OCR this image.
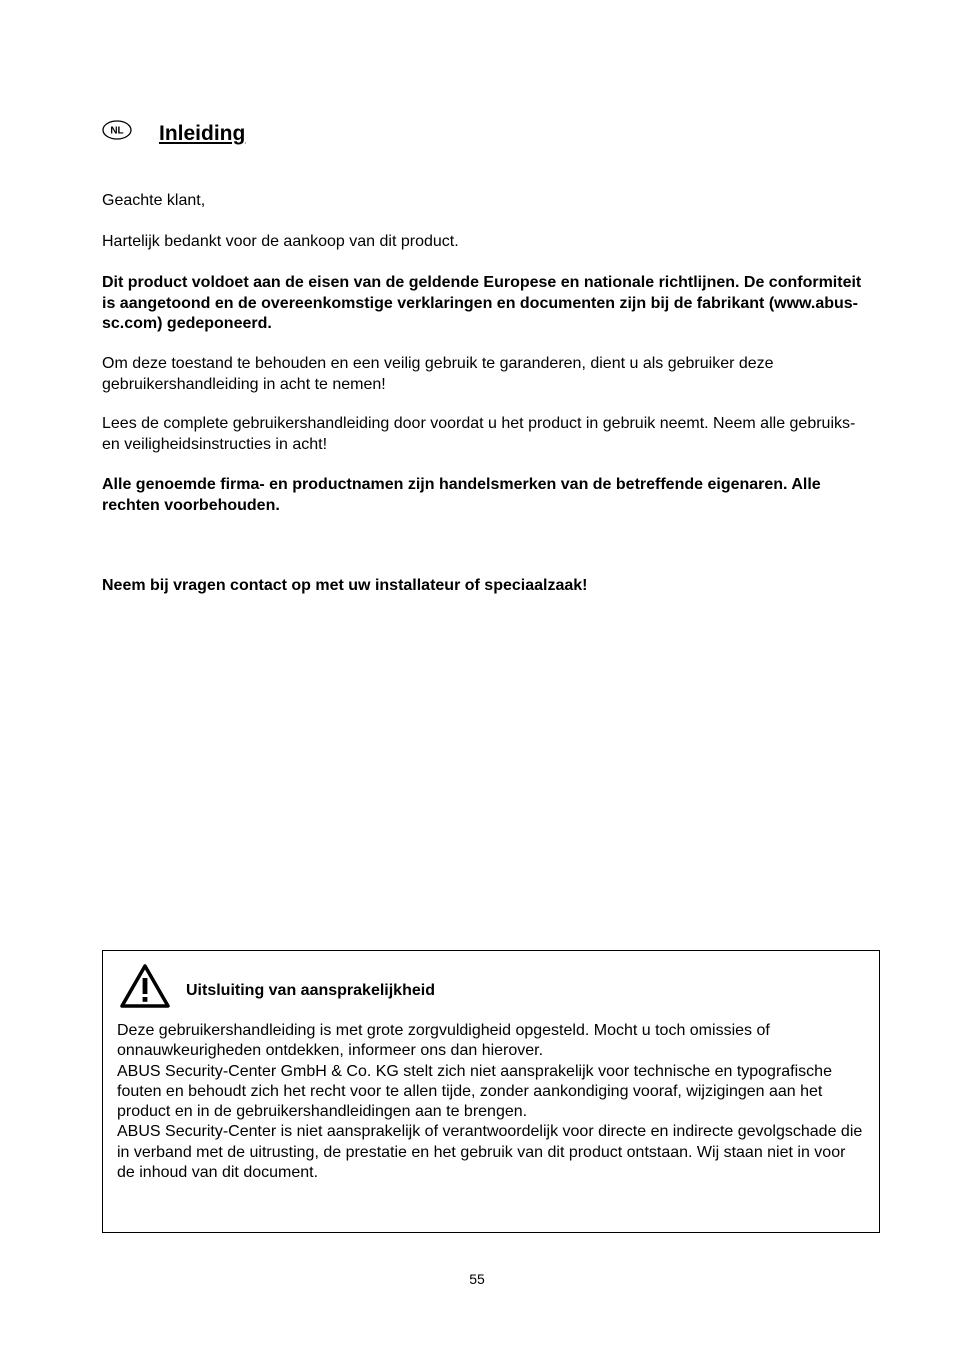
NL Inleiding

Geachte klant,

Hartelijk bedankt voor de aankoop van dit product.

Dit product voldoet aan de eisen van de geldende Europese en nationale richtlijnen. De conformiteit is aangetoond en de overeenkomstige verklaringen en documenten zijn bij de fabrikant (www.abus-sc.com) gedeponeerd.

Om deze toestand te behouden en een veilig gebruik te garanderen, dient u als gebruiker deze gebruikershandleiding in acht te nemen!

Lees de complete gebruikershandleiding door voordat u het product in gebruik neemt. Neem alle gebruiks- en veiligheidsinstructies in acht!

Alle genoemde firma- en productnamen zijn handelsmerken van de betreffende eigenaren. Alle rechten voorbehouden.

Neem bij vragen contact op met uw installateur of speciaalzaak!

Uitsluiting van aansprakelijkheid

Deze gebruikershandleiding is met grote zorgvuldigheid opgesteld. Mocht u toch omissies of onnauwkeurigheden ontdekken, informeer ons dan hierover.
ABUS Security-Center GmbH & Co. KG stelt zich niet aansprakelijk voor technische en typografische fouten en behoudt zich het recht voor te allen tijde, zonder aankondiging vooraf, wijzigingen aan het product en in de gebruikershandleidingen aan te brengen.
ABUS Security-Center is niet aansprakelijk of verantwoordelijk voor directe en indirecte gevolgschade die in verband met de uitrusting, de prestatie en het gebruik van dit product ontstaan. Wij staan niet in voor de inhoud van dit document.

55
